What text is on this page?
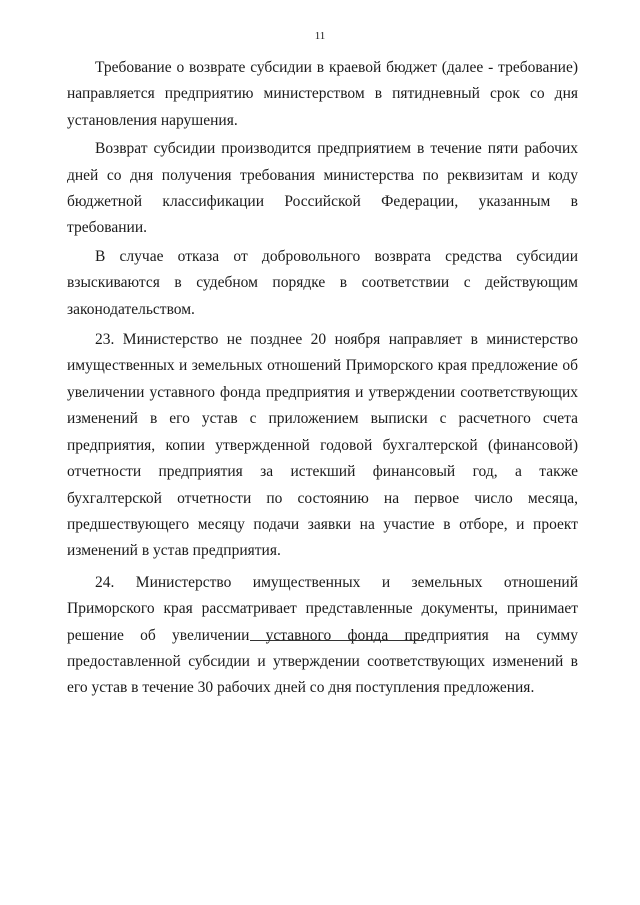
11

Требование о возврате субсидии в краевой бюджет (далее - требование) направляется предприятию министерством в пятидневный срок со дня установления нарушения.

Возврат субсидии производится предприятием в течение пяти рабочих дней со дня получения требования министерства по реквизитам и коду бюджетной классификации Российской Федерации, указанным в требовании.

В случае отказа от добровольного возврата средства субсидии взыскиваются в судебном порядке в соответствии с действующим законодательством.

23. Министерство не позднее 20 ноября направляет в министерство имущественных и земельных отношений Приморского края предложение об увеличении уставного фонда предприятия и утверждении соответствующих изменений в его устав с приложением выписки с расчетного счета предприятия, копии утвержденной годовой бухгалтерской (финансовой) отчетности предприятия за истекший финансовый год, а также бухгалтерской отчетности по состоянию на первое число месяца, предшествующего месяцу подачи заявки на участие в отборе, и проект изменений в устав предприятия.

24. Министерство имущественных и земельных отношений Приморского края рассматривает представленные документы, принимает решение об увеличении уставного фонда предприятия на сумму предоставленной субсидии и утверждении соответствующих изменений в его устав в течение 30 рабочих дней со дня поступления предложения.
